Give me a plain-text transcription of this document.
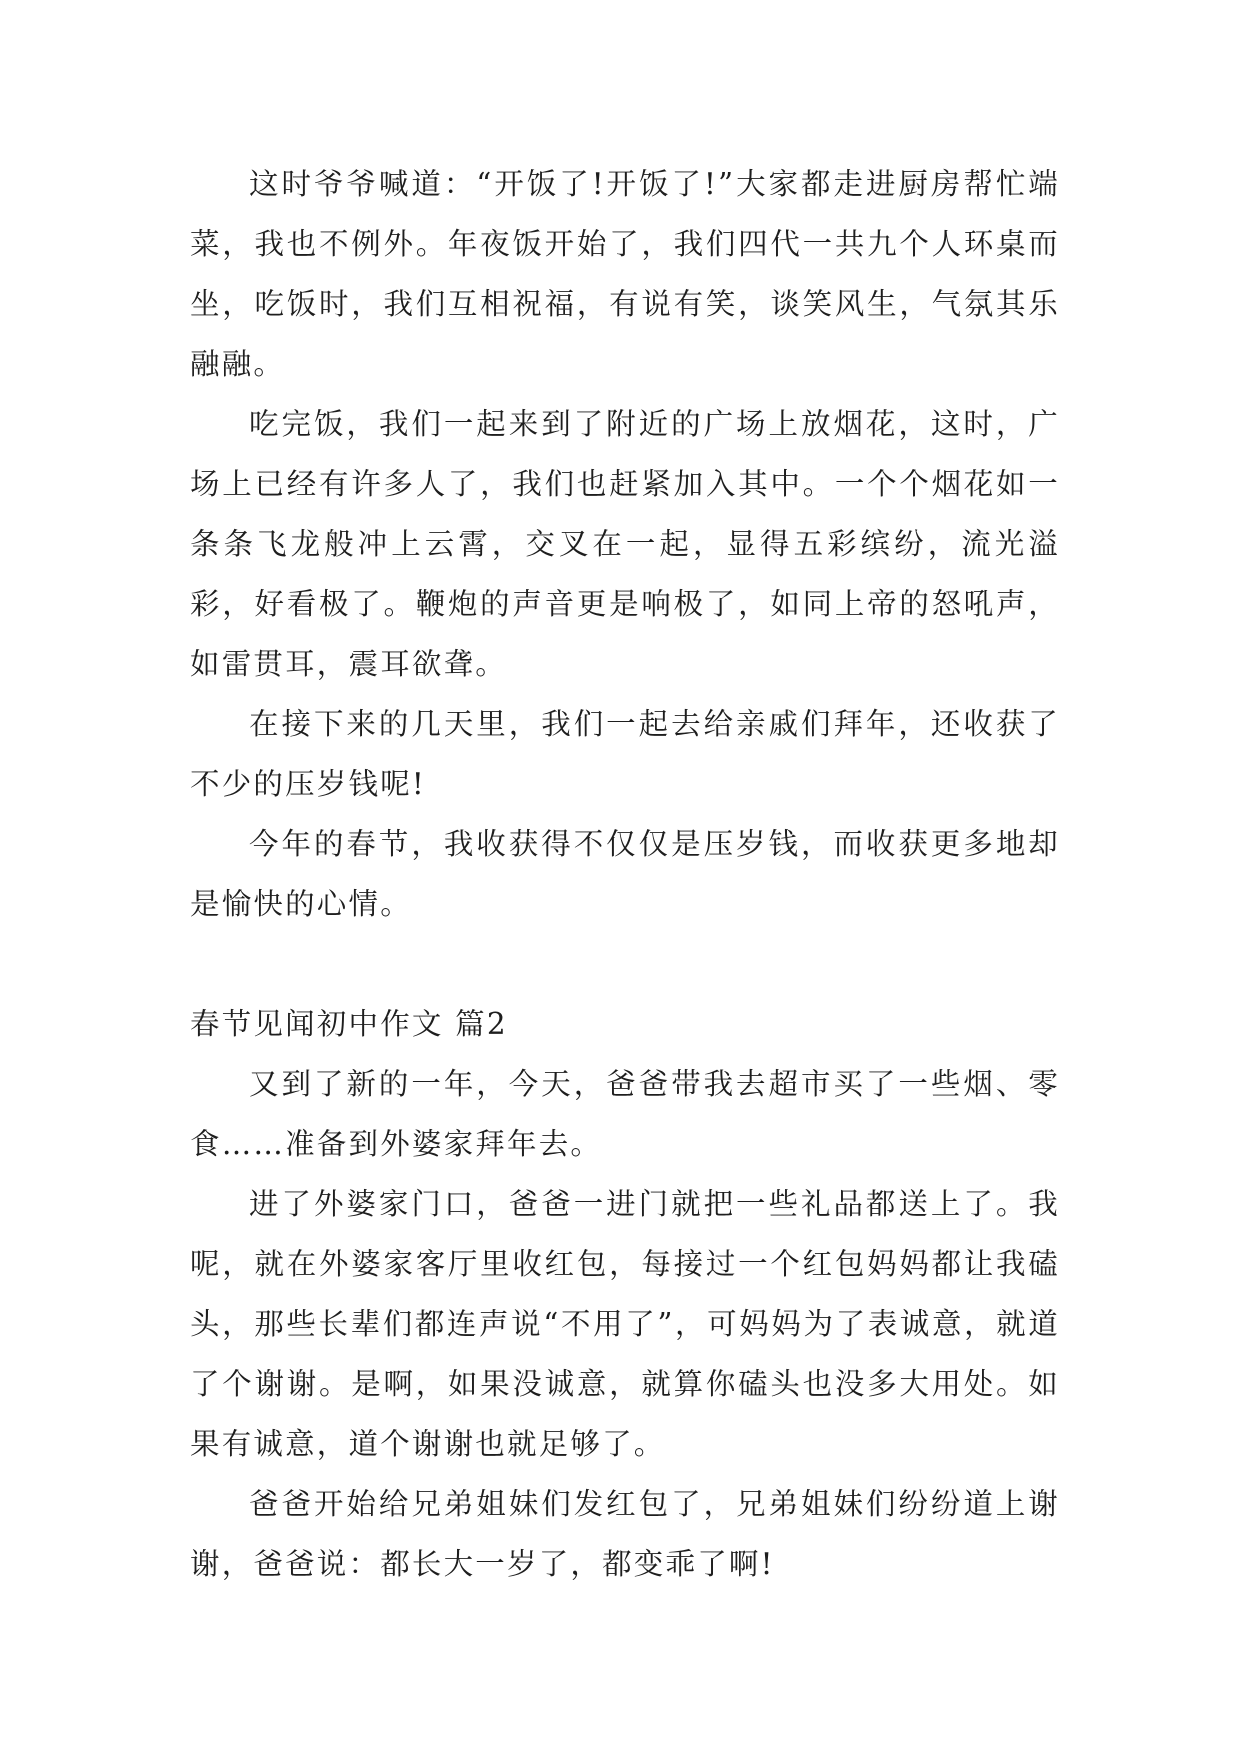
这时爷爷喊道：“开饭了!开饭了!”大家都走进厨房帮忙端菜，我也不例外。年夜饭开始了，我们四代一共九个人环桌而坐，吃饭时，我们互相祝福，有说有笑，谈笑风生，气氛其乐融融。

吃完饭，我们一起来到了附近的广场上放烟花，这时，广场上已经有许多人了，我们也赶紧加入其中。一个个烟花如一条条飞龙般冲上云霄，交叉在一起，显得五彩缤纷，流光溢彩，好看极了。鞭炮的声音更是响极了，如同上帝的怒吼声，如雷贯耳，震耳欲聋。

在接下来的几天里，我们一起去给亲戚们拜年，还收获了不少的压岁钱呢!

今年的春节，我收获得不仅仅是压岁钱，而收获更多地却是愉快的心情。

春节见闻初中作文 篇2

又到了新的一年，今天，爸爸带我去超市买了一些烟、零食……准备到外婆家拜年去。

进了外婆家门口，爸爸一进门就把一些礼品都送上了。我呢，就在外婆家客厅里收红包，每接过一个红包妈妈都让我磕头，那些长辈们都连声说“不用了”，可妈妈为了表诚意，就道了个谢谢。是啊，如果没诚意，就算你磕头也没多大用处。如果有诚意，道个谢谢也就足够了。

爸爸开始给兄弟姐妹们发红包了，兄弟姐妹们纷纷道上谢谢，爸爸说：都长大一岁了，都变乖了啊!
